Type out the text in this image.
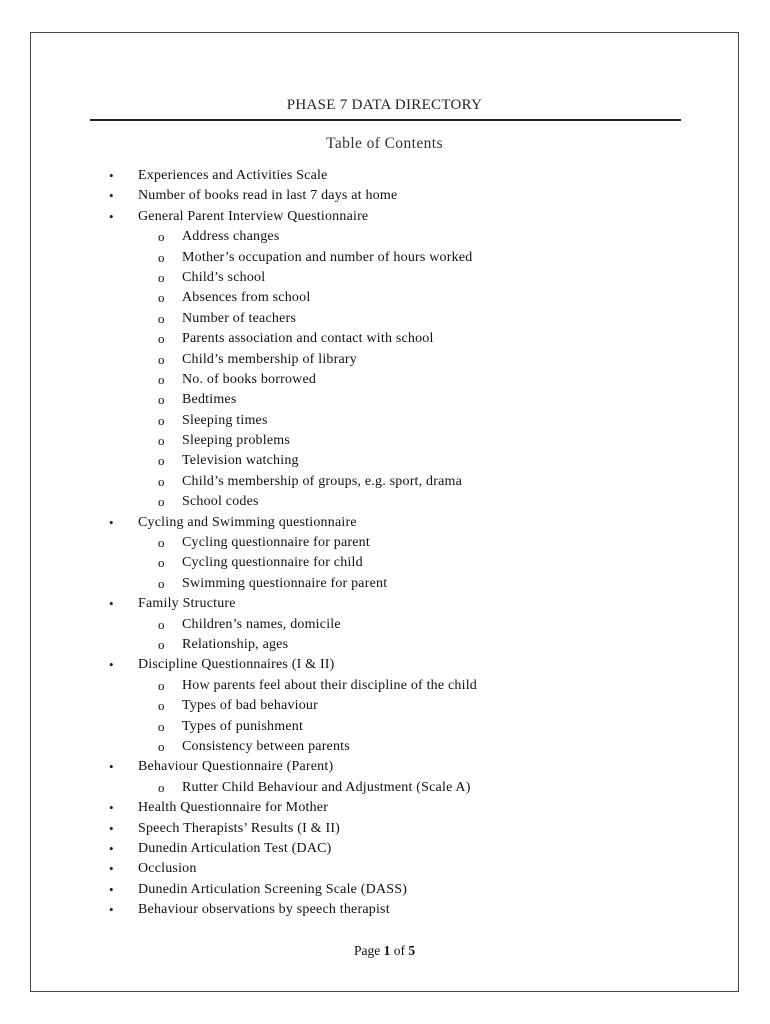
PHASE 7 DATA DIRECTORY
Table of Contents
• Experiences and Activities Scale
• Number of books read in last 7 days at home
• General Parent Interview Questionnaire
o Address changes
o Mother’s occupation and number of hours worked
o Child’s school
o Absences from school
o Number of teachers
o Parents association and contact with school
o Child’s membership of library
o No. of books borrowed
o Bedtimes
o Sleeping times
o Sleeping problems
o Television watching
o Child’s membership of groups, e.g. sport, drama
o School codes
• Cycling and Swimming questionnaire
o Cycling questionnaire for parent
o Cycling questionnaire for child
o Swimming questionnaire for parent
• Family Structure
o Children’s names, domicile
o Relationship, ages
• Discipline Questionnaires (I & II)
o How parents feel about their discipline of the child
o Types of bad behaviour
o Types of punishment
o Consistency between parents
• Behaviour Questionnaire (Parent)
o Rutter Child Behaviour and Adjustment (Scale A)
• Health Questionnaire for Mother
• Speech Therapists’ Results (I & II)
• Dunedin Articulation Test (DAC)
• Occlusion
• Dunedin Articulation Screening Scale (DASS)
• Behaviour observations by speech therapist
Page 1 of 5
